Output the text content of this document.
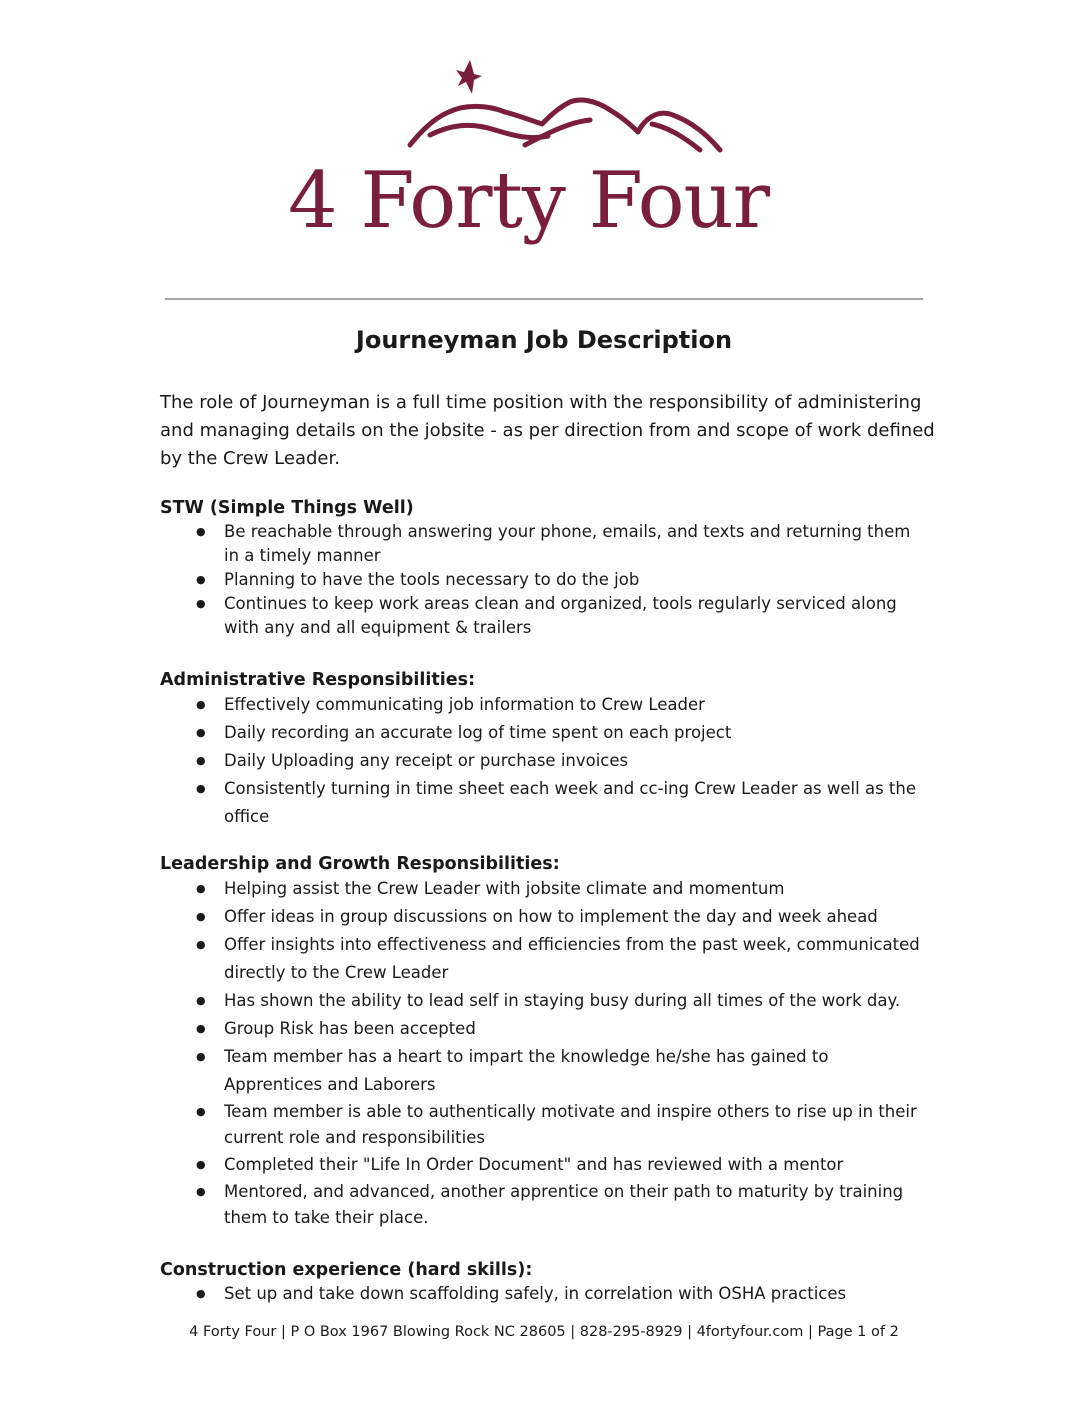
4 Forty Four
Journeyman Job Description

The role of Journeyman is a full time position with the responsibility of administering and managing details on the jobsite - as per direction from and scope of work defined by the Crew Leader.

STW (Simple Things Well)
● Be reachable through answering your phone, emails, and texts and returning them in a timely manner
● Planning to have the tools necessary to do the job
● Continues to keep work areas clean and organized, tools regularly serviced along with any and all equipment & trailers
Administrative Responsibilities:
● Effectively communicating job information to Crew Leader
● Daily recording an accurate log of time spent on each project
● Daily Uploading any receipt or purchase invoices
● Consistently turning in time sheet each week and cc-ing Crew Leader as well as the office
Leadership and Growth Responsibilities:
● Helping assist the Crew Leader with jobsite climate and momentum
● Offer ideas in group discussions on how to implement the day and week ahead
● Offer insights into effectiveness and efficiencies from the past week, communicated directly to the Crew Leader
● Has shown the ability to lead self in staying busy during all times of the work day.
● Group Risk has been accepted
● Team member has a heart to impart the knowledge he/she has gained to Apprentices and Laborers
● Team member is able to authentically motivate and inspire others to rise up in their current role and responsibilities
● Completed their "Life In Order Document" and has reviewed with a mentor
● Mentored, and advanced, another apprentice on their path to maturity by training them to take their place.
Construction experience (hard skills):
● Set up and take down scaffolding safely, in correlation with OSHA practices
4 Forty Four | P O Box 1967 Blowing Rock NC 28605 | 828-295-8929 | 4fortyfour.com | Page 1 of 2
